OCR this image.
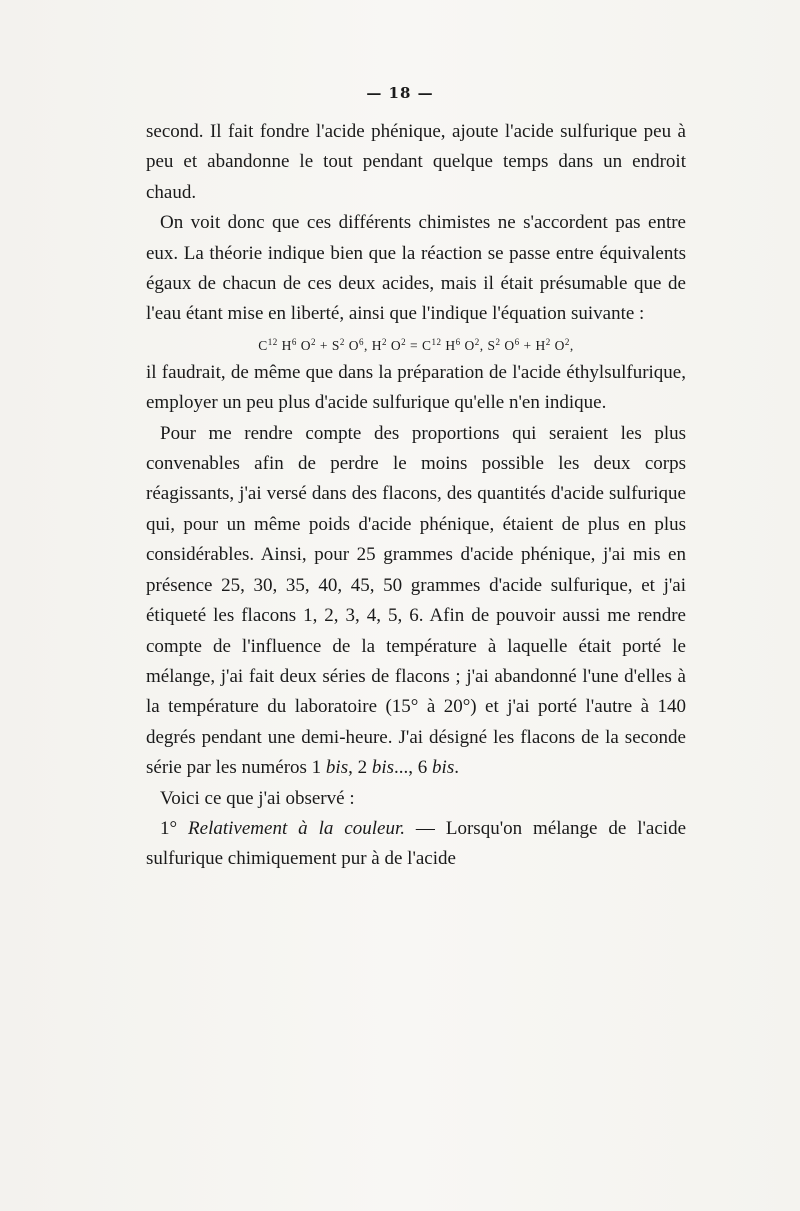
— 18 —

second. Il fait fondre l'acide phénique, ajoute l'acide sulfurique peu à peu et abandonne le tout pendant quelque temps dans un endroit chaud.

On voit donc que ces différents chimistes ne s'accordent pas entre eux. La théorie indique bien que la réaction se passe entre équivalents égaux de chacun de ces deux acides, mais il était présumable que de l'eau étant mise en liberté, ainsi que l'indique l'équation suivante :

$C^{12}$ $H^6$ $O^2 + S^2$ $O^6$, $H^2$ $O^2 = C^{12}$ $H^6$ $O^2$, $S^2$ $O^6 + H^2$ $O^2$,

il faudrait, de même que dans la préparation de l'acide éthylsulfurique, employer un peu plus d'acide sulfurique qu'elle n'en indique.

Pour me rendre compte des proportions qui seraient les plus convenables afin de perdre le moins possible les deux corps réagissants, j'ai versé dans des flacons, des quantités d'acide sulfurique qui, pour un même poids d'acide phénique, étaient de plus en plus considérables. Ainsi, pour 25 grammes d'acide phénique, j'ai mis en présence 25, 30, 35, 40, 45, 50 grammes d'acide sulfurique, et j'ai étiqueté les flacons 1, 2, 3, 4, 5, 6. Afin de pouvoir aussi me rendre compte de l'influence de la température à laquelle était porté le mélange, j'ai fait deux séries de flacons ; j'ai abandonné l'une d'elles à la température du laboratoire (15° à 20°) et j'ai porté l'autre à 140 degrés pendant une demi-heure. J'ai désigné les flacons de la seconde série par les numéros 1 bis, 2 bis..., 6 bis.

Voici ce que j'ai observé :

1° Relativement à la couleur. — Lorsqu'on mélange de l'acide sulfurique chimiquement pur à de l'acide
